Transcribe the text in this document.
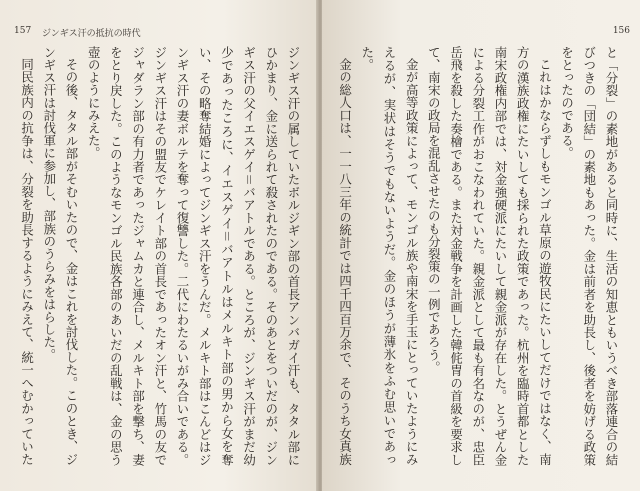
157 ジンギス汗の抵抗の時代

ジンギス汗の属していたボルジギン部の首長アンバガイ汗も、タタル部にひかまり、金に送られて殺されたのである。そのあとをついだのが、ジンギス汗の父イエスゲイ＝バアトルである。ところが、ジンギス汗がまだ幼少であったころに、イエスゲイ＝バアトルはメルキト部の男から女を奪い、その略奪結婚によってジンギス汗をうんだ。メルキト部はこんどはジンギス汗の妻ボルテを奪って復讐した。二代にわたるいがみ合いである。ジンギス汗はその盟友でケレイト部の首長であったオン汗と、竹馬の友でジャダラン部の有力者であったジャムカと連合し、メルキト部を撃ち、妻をとり戻した。このようなモンゴル民族各部のあいだの乱戦は、金の思う壺のようにみえた。

その後、タタル部がそむいたので、金はこれを討伐した。このとき、ジンギス汗は討伐軍に参加し、部族のうらみをはらした。

同民族内の抗争は、分裂を助長するようにみえて、統一へむかっていた

156

と「分裂」の素地があると同時に、生活の知恵ともいうべき部落連合の結びつきの「団結」の素地もあった。金は前者を助長し、後者を妨げる政策をとったのである。

これはかならずしもモンゴル草原の遊牧民にたいしてだけではなく、南方の漢族政権にたいしても採られた政策であった。杭州を臨時首都とした南宋政権内部では、対金強硬派にたいして親金派が存在した。とうぜん金による分裂工作がおこなわれていた。親金派として最も有名なのが、忠臣岳飛を殺した奏檜である。また対金戦争を計画した韓侂冑の首級を要求して、南宋の政局を混乱させたのも分裂策の一例であろう。

金が高等政策によって、モンゴル族や南宋を手玉にとっていたようにみえるが、実状はそうでもないようだ。金のほうが薄氷をふむ思いであった。

金の総人口は、一一八三年の統計では四千四百万余で、そのうち女真族
